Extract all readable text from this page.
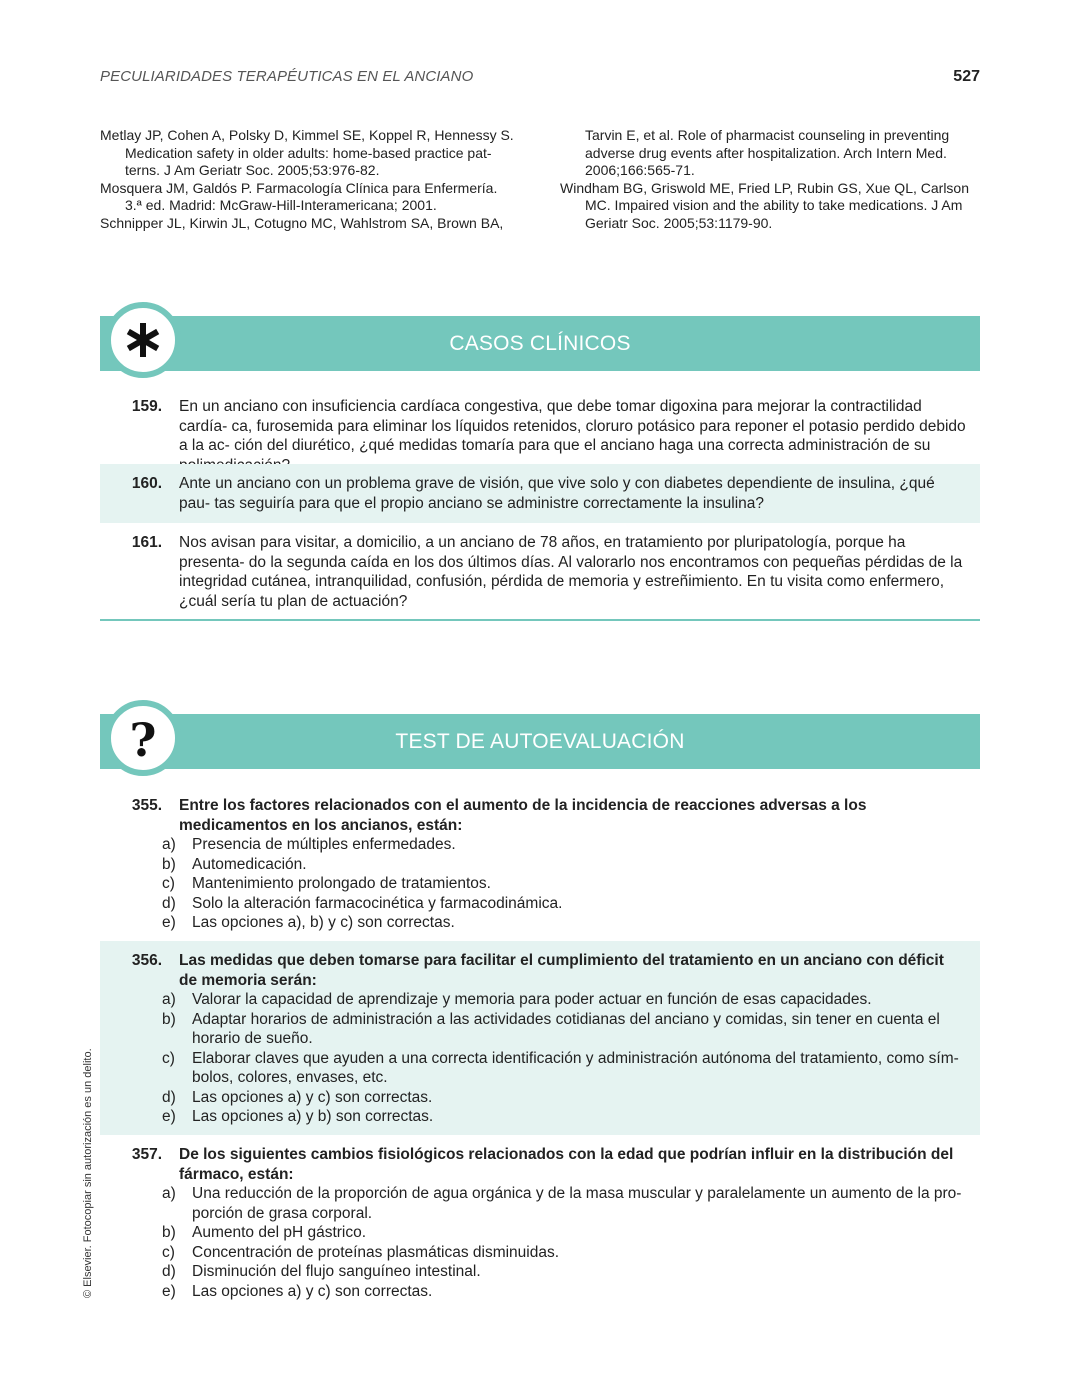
PECULIARIDADES TERAPÉUTICAS EN EL ANCIANO	527

Metlay JP, Cohen A, Polsky D, Kimmel SE, Koppel R, Hennessy S.
Medication safety in older adults: home-based practice pat-
terns. J Am Geriatr Soc. 2005;53:976-82.

Mosquera JM, Galdós P. Farmacología Clínica para Enfermería.
3.ª ed. Madrid: McGraw-Hill-Interamericana; 2001.

Schnipper JL, Kirwin JL, Cotugno MC, Wahlstrom SA, Brown BA,

Tarvin E, et al. Role of pharmacist counseling in preventing
adverse drug events after hospitalization. Arch Intern Med.
2006;166:565-71.

Windham BG, Griswold ME, Fried LP, Rubin GS, Xue QL, Carlson
MC. Impaired vision and the ability to take medications. J Am
Geriatr Soc. 2005;53:1179-90.

CASOS CLÍNICOS
159. En un anciano con insuficiencia cardíaca congestiva, que debe tomar digoxina para mejorar la contractilidad cardía- ca, furosemida para eliminar los líquidos retenidos, cloruro potásico para reponer el potasio perdido debido a la ac- ción del diurético, ¿qué medidas tomaría para que el anciano haga una correcta administración de su
160. Ante un anciano con un problema grave de visión, que vive solo y con diabetes dependiente de insulina, ¿qué pau- tas seguiría para que el propio anciano se administre correctamente la insulina?
161. Nos avisan para visitar, a domicilio, a un anciano de 78 años, en tratamiento por pluripatología, porque ha presenta- do la segunda caída en los dos últimos días. Al valorarlo nos encontramos con pequeñas pérdidas de la integridad cutánea, intranquilidad, confusión, pérdida de memoria y estreñimiento. En tu visita como enfermero, ¿cuál sería tu plan de actuación?
TEST DE AUTOEVALUACIÓN
?
355. Entre los factores relacionados con el aumento de la incidencia de reacciones adversas a los medicamentos en los ancianos, están:
a)	Presencia de múltiples enfermedades.
b)	Automedicación.
c)	Mantenimiento prolongado de tratamientos.
d)	Solo la alteración farmacocinética y farmacodinámica.
e)	Las opciones a), b) y c) son correctas.
356. Las medidas que deben tomarse para facilitar el cumplimiento del tratamiento en un anciano con déficit de memoria serán:
a)	Valorar la capacidad de aprendizaje y memoria para poder actuar en función de esas capacidades.
b)	Adaptar horarios de administración a las actividades cotidianas del anciano y comidas, sin tener en cuenta el horario de sueño.
c)	Elaborar claves que ayuden a una correcta identificación y administración autónoma del tratamiento, como sím- bolos, colores, envases, etc.
d)	Las opciones a) y c) son correctas.
e)	Las opciones a) y b) son correctas.
357. De los siguientes cambios fisiológicos relacionados con la edad que podrían influir en la distribución del fármaco, están:
a)	Una reducción de la proporción de agua orgánica y de la masa muscular y paralelamente un aumento de la pro- porción de grasa corporal.
b)	Aumento del pH gástrico.
c)	Concentración de proteínas plasmáticas disminuidas.
d)	Disminución del flujo sanguíneo intestinal.
e)	Las opciones a) y c) son correctas.
© Elsevier. Fotocopiar sin autorización es un delito.
